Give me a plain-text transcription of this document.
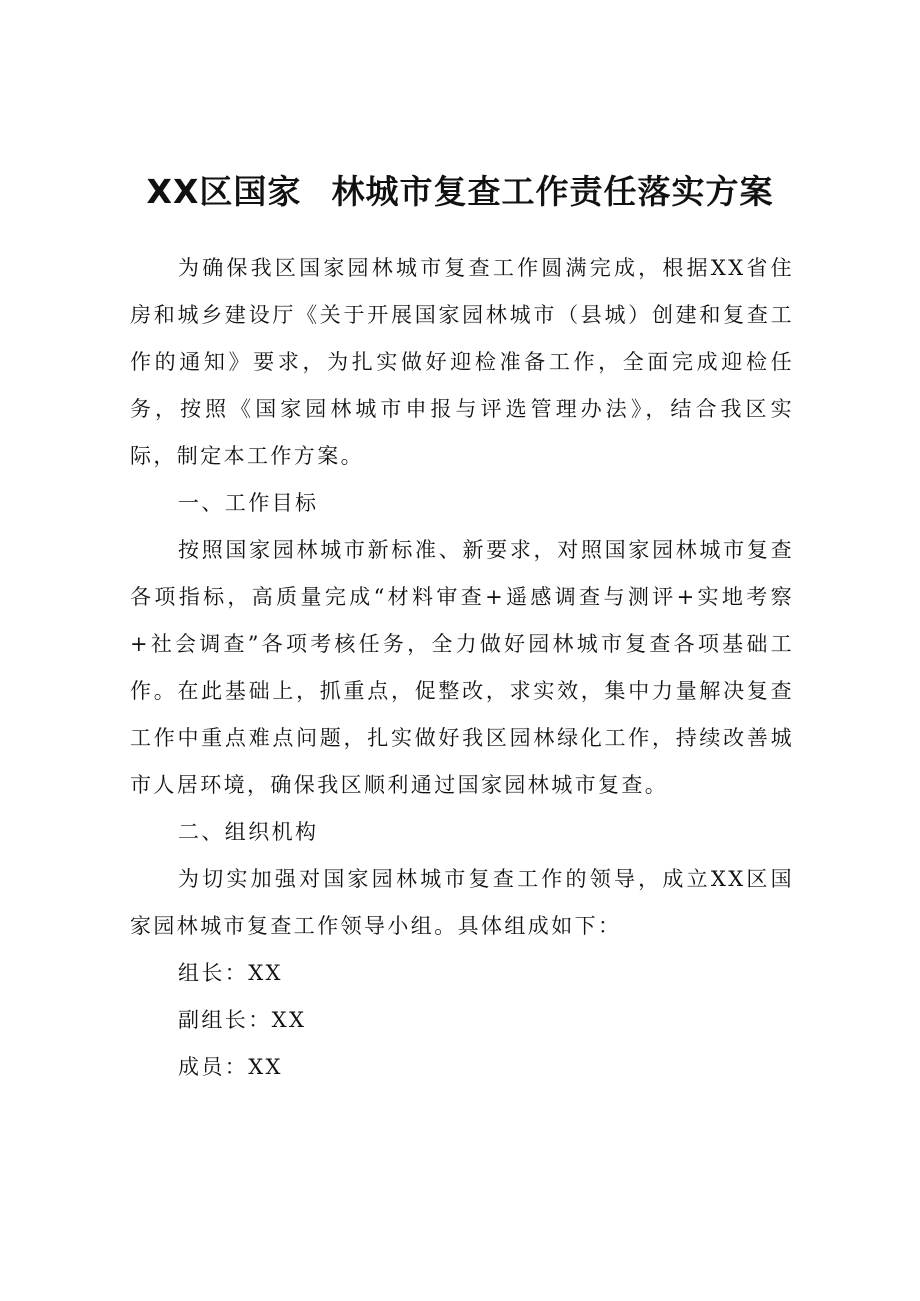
XX区国家 林城市复查工作责任落实方案

为确保我区国家园林城市复查工作圆满完成，根据XX省住房和城乡建设厅《关于开展国家园林城市（县城）创建和复查工作的通知》要求，为扎实做好迎检准备工作，全面完成迎检任务，按照《国家园林城市申报与评选管理办法》，结合我区实际，制定本工作方案。

一、工作目标

按照国家园林城市新标准、新要求，对照国家园林城市复查各项指标，高质量完成“材料审查+遥感调查与测评+实地考察+社会调查”各项考核任务，全力做好园林城市复查各项基础工作。在此基础上，抓重点，促整改，求实效，集中力量解决复查工作中重点难点问题，扎实做好我区园林绿化工作，持续改善城市人居环境，确保我区顺利通过国家园林城市复查。

二、组织机构

为切实加强对国家园林城市复查工作的领导，成立XX区国家园林城市复查工作领导小组。具体组成如下：

组长：XX

副组长：XX

成员：XX
